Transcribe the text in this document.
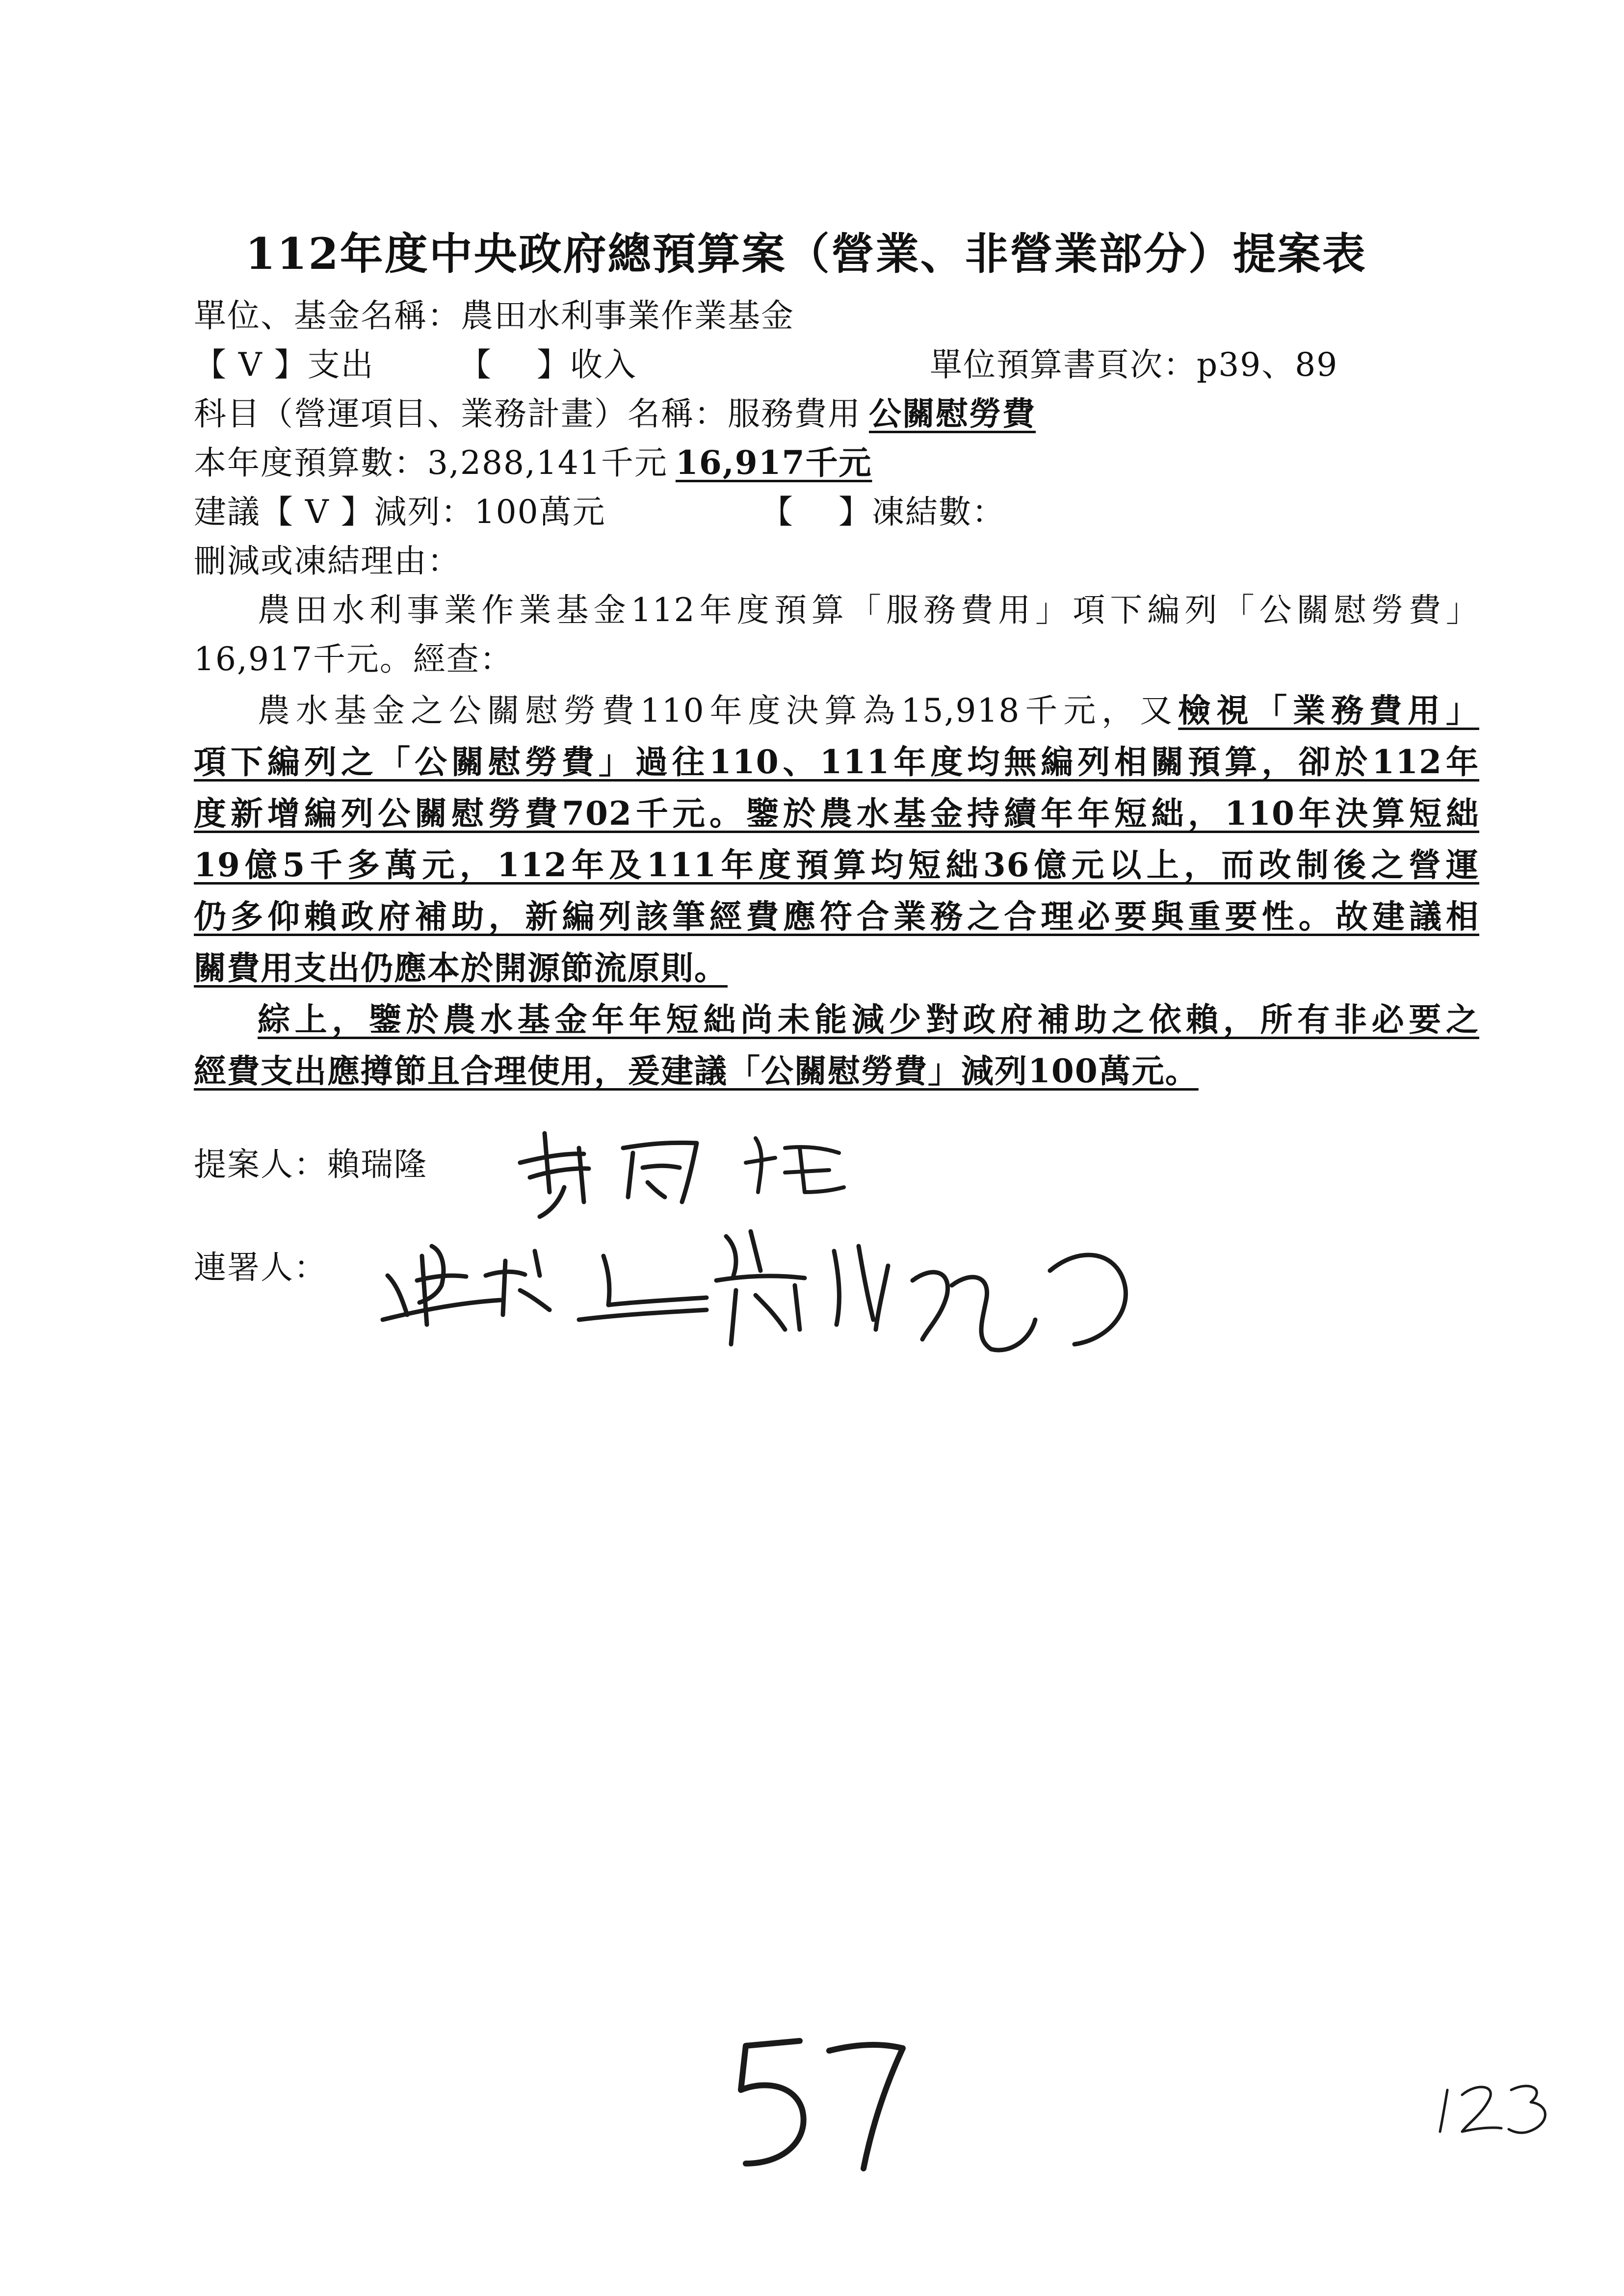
112年度中央政府總預算案（營業、非營業部分）提案表
單位、基金名稱：農田水利事業作業基金
【 V 】支出	【　 】收入	單位預算書頁次：p39、89
科目（營運項目、業務計畫）名稱：服務費用 公關慰勞費
本年度預算數：3,288,141千元 16,917千元
建議【 V 】減列：100萬元	【　 】凍結數：
刪減或凍結理由：
農田水利事業作業基金112年度預算「服務費用」項下編列「公關慰勞費」
16,917千元。經查：
農水基金之公關慰勞費110年度決算為15,918千元，又檢視「業務費用」
項下編列之「公關慰勞費」過往110、111年度均無編列相關預算，卻於112年
度新增編列公關慰勞費702千元。鑒於農水基金持續年年短絀，110年決算短絀
19億5千多萬元，112年及111年度預算均短絀36億元以上，而改制後之營運
仍多仰賴政府補助，新編列該筆經費應符合業務之合理必要與重要性。故建議相
關費用支出仍應本於開源節流原則。
綜上，鑒於農水基金年年短絀尚未能減少對政府補助之依賴，所有非必要之
經費支出應撙節且合理使用，爰建議「公關慰勞費」減列100萬元。
提案人：賴瑞隆
連署人：
